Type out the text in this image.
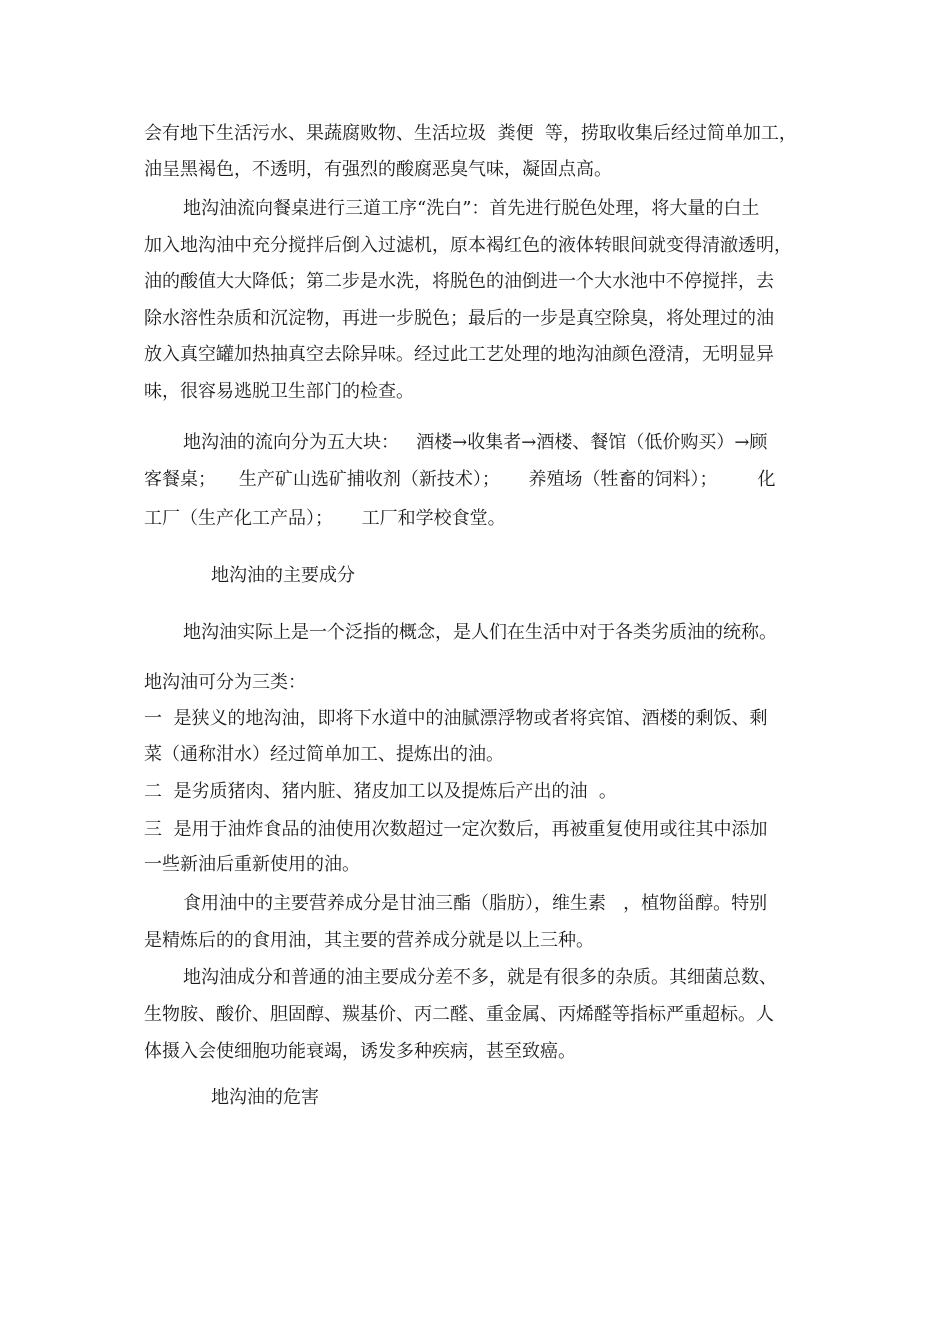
会有地下生活污水、果蔬腐败物、生活垃圾  粪便  等，捞取收集后经过简单加工，

油呈黑褐色，不透明，有强烈的酸腐恶臭气味，凝固点高。

地沟油流向餐桌进行三道工序“洗白”：首先进行脱色处理，将大量的白土

加入地沟油中充分搅拌后倒入过滤机，原本褐红色的液体转眼间就变得清澈透明，

油的酸值大大降低；第二步是水洗，将脱色的油倒进一个大水池中不停搅拌，去

除水溶性杂质和沉淀物，再进一步脱色；最后的一步是真空除臭，将处理过的油

放入真空罐加热抽真空去除异味。经过此工艺处理的地沟油颜色澄清，无明显异

味，很容易逃脱卫生部门的检查。

地沟油的流向分为五大块：   酒楼→收集者→酒楼、餐馆（低价购买）→顾

客餐桌；    生产矿山选矿捕收剂（新技术）；     养殖场（牲畜的饲料）；       化

工厂（生产化工产品）；     工厂和学校食堂。

地沟油的主要成分

地沟油实际上是一个泛指的概念，是人们在生活中对于各类劣质油的统称。

地沟油可分为三类：

一  是狭义的地沟油，即将下水道中的油腻漂浮物或者将宾馆、酒楼的剩饭、剩

菜（通称泔水）经过简单加工、提炼出的油。

二  是劣质猪肉、猪内脏、猪皮加工以及提炼后产出的油  。

三  是用于油炸食品的油使用次数超过一定次数后，再被重复使用或往其中添加

一些新油后重新使用的油。

食用油中的主要营养成分是甘油三酯（脂肪），维生素   ，植物甾醇。特别

是精炼后的的食用油，其主要的营养成分就是以上三种。

地沟油成分和普通的油主要成分差不多，就是有很多的杂质。其细菌总数、

生物胺、酸价、胆固醇、羰基价、丙二醛、重金属、丙烯醛等指标严重超标。人

体摄入会使细胞功能衰竭，诱发多种疾病，甚至致癌。

地沟油的危害
